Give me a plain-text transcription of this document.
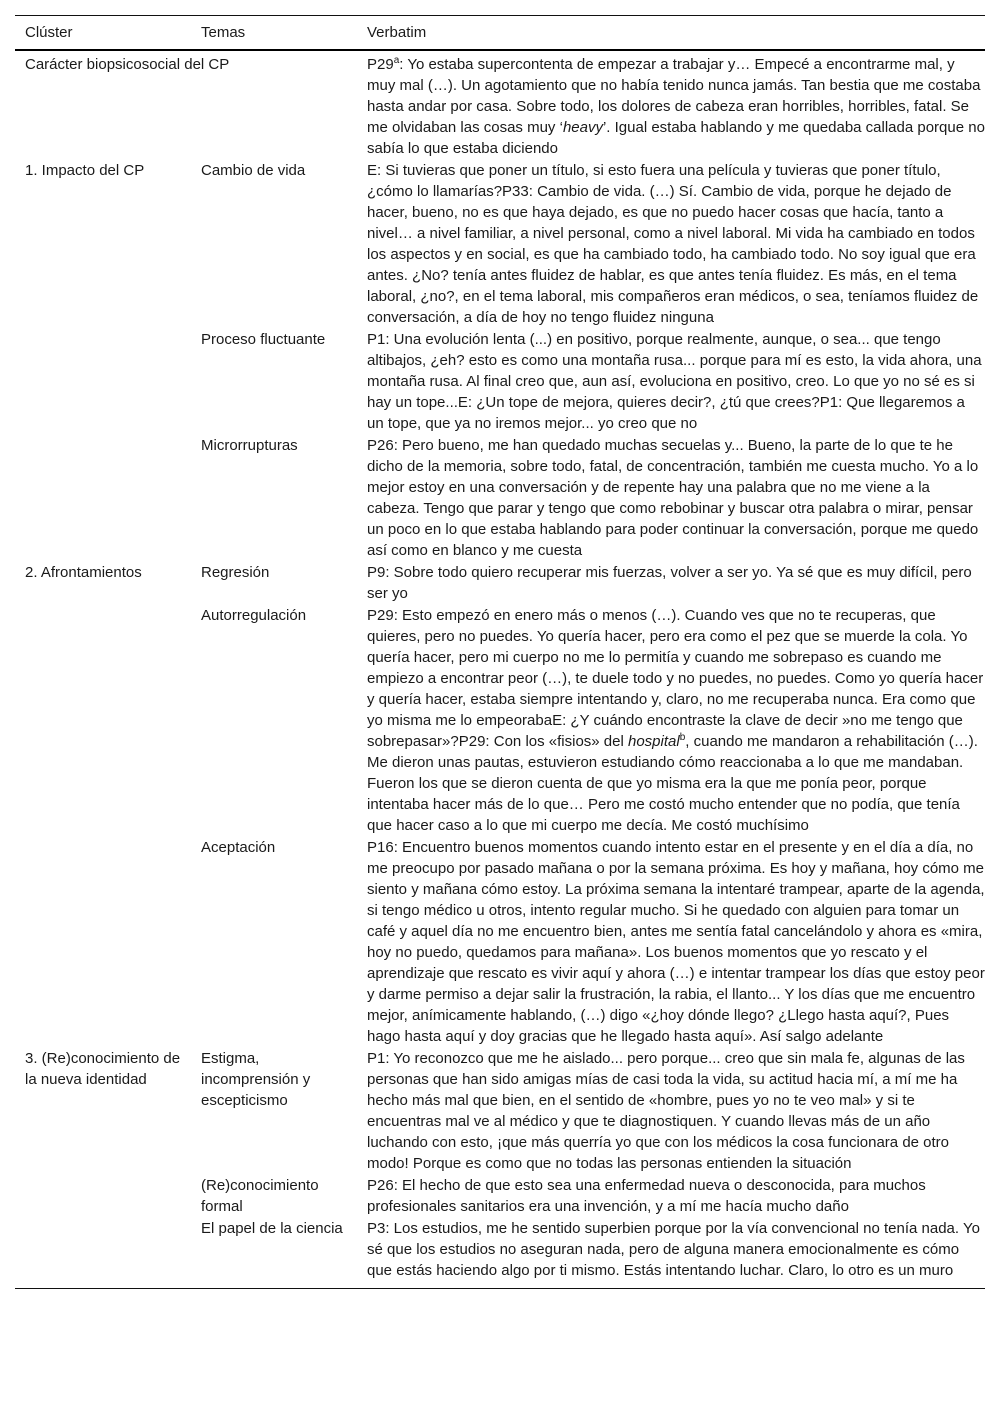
Clúster	Temas	Verbatim
Carácter biopsicosocial del CP		P29$^a$: Yo estaba supercontenta de empezar a trabajar y… Empecé a encontrarme mal, y muy mal (…). Un agotamiento que no había tenido nunca jamás. Tan bestia que me costaba hasta andar por casa. Sobre todo, los dolores de cabeza eran horribles, horribles, fatal. Se me olvidaban las cosas muy ‘heavy’. Igual estaba hablando y me quedaba callada porque no sabía lo que estaba diciendo
1. Impacto del CP	Cambio de vida	E: Si tuvieras que poner un título, si esto fuera una película y tuvieras que poner título, ¿cómo lo llamarías?P33: Cambio de vida. (…) Sí. Cambio de vida, porque he dejado de hacer, bueno, no es que haya dejado, es que no puedo hacer cosas que hacía, tanto a nivel… a nivel familiar, a nivel personal, como a nivel laboral. Mi vida ha cambiado en todos los aspectos y en social, es que ha cambiado todo, ha cambiado todo. No soy igual que era antes. ¿No? tenía antes fluidez de hablar, es que antes tenía fluidez. Es más, en el tema laboral, ¿no?, en el tema laboral, mis compañeros eran médicos, o sea, teníamos fluidez de conversación, a día de hoy no tengo fluidez ninguna
	Proceso fluctuante	P1: Una evolución lenta (...) en positivo, porque realmente, aunque, o sea... que tengo altibajos, ¿eh? esto es como una montaña rusa... porque para mí es esto, la vida ahora, una montaña rusa. Al final creo que, aun así, evoluciona en positivo, creo. Lo que yo no sé es si hay un tope...E: ¿Un tope de mejora, quieres decir?, ¿tú que crees?P1: Que llegaremos a un tope, que ya no iremos mejor... yo creo que no
	Microrrupturas	P26: Pero bueno, me han quedado muchas secuelas y... Bueno, la parte de lo que te he dicho de la memoria, sobre todo, fatal, de concentración, también me cuesta mucho. Yo a lo mejor estoy en una conversación y de repente hay una palabra que no me viene a la cabeza. Tengo que parar y tengo que como rebobinar y buscar otra palabra o mirar, pensar un poco en lo que estaba hablando para poder continuar la conversación, porque me quedo así como en blanco y me cuesta
2. Afrontamientos	Regresión	P9: Sobre todo quiero recuperar mis fuerzas, volver a ser yo. Ya sé que es muy difícil, pero ser yo
	Autorregulación	P29: Esto empezó en enero más o menos (…). Cuando ves que no te recuperas, que quieres, pero no puedes. Yo quería hacer, pero era como el pez que se muerde la cola. Yo quería hacer, pero mi cuerpo no me lo permitía y cuando me sobrepaso es cuando me empiezo a encontrar peor (…), te duele todo y no puedes, no puedes. Como yo quería hacer y quería hacer, estaba siempre intentando y, claro, no me recuperaba nunca. Era como que yo misma me lo empeorabaE: ¿Y cuándo encontraste la clave de decir »no me tengo que sobrepasar»?P29: Con los «fisios» del hospital$^b$, cuando me mandaron a rehabilitación (…). Me dieron unas pautas, estuvieron estudiando cómo reaccionaba a lo que me mandaban. Fueron los que se dieron cuenta de que yo misma era la que me ponía peor, porque intentaba hacer más de lo que… Pero me costó mucho entender que no podía, que tenía que hacer caso a lo que mi cuerpo me decía. Me costó muchísimo
	Aceptación	P16: Encuentro buenos momentos cuando intento estar en el presente y en el día a día, no me preocupo por pasado mañana o por la semana próxima. Es hoy y mañana, hoy cómo me siento y mañana cómo estoy. La próxima semana la intentaré trampear, aparte de la agenda, si tengo médico u otros, intento regular mucho. Si he quedado con alguien para tomar un café y aquel día no me encuentro bien, antes me sentía fatal cancelándolo y ahora es «mira, hoy no puedo, quedamos para mañana». Los buenos momentos que yo rescato y el aprendizaje que rescato es vivir aquí y ahora (…) e intentar trampear los días que estoy peor y darme permiso a dejar salir la frustración, la rabia, el llanto... Y los días que me encuentro mejor, anímicamente hablando, (…) digo «¿hoy dónde llego? ¿Llego hasta aquí?, Pues hago hasta aquí y doy gracias que he llegado hasta aquí». Así salgo adelante
3. (Re)conocimiento de la nueva identidad	Estigma, incomprensión y escepticismo	P1: Yo reconozco que me he aislado... pero porque... creo que sin mala fe, algunas de las personas que han sido amigas mías de casi toda la vida, su actitud hacia mí, a mí me ha hecho más mal que bien, en el sentido de «hombre, pues yo no te veo mal» y si te encuentras mal ve al médico y que te diagnostiquen. Y cuando llevas más de un año luchando con esto, ¡que más querría yo que con los médicos la cosa funcionara de otro modo! Porque es como que no todas las personas entienden la situación
	(Re)conocimiento formal	P26: El hecho de que esto sea una enfermedad nueva o desconocida, para muchos profesionales sanitarios era una invención, y a mí me hacía mucho daño
	El papel de la ciencia	P3: Los estudios, me he sentido superbien porque por la vía convencional no tenía nada. Yo sé que los estudios no aseguran nada, pero de alguna manera emocionalmente es cómo que estás haciendo algo por ti mismo. Estás intentando luchar. Claro, lo otro es un muro
